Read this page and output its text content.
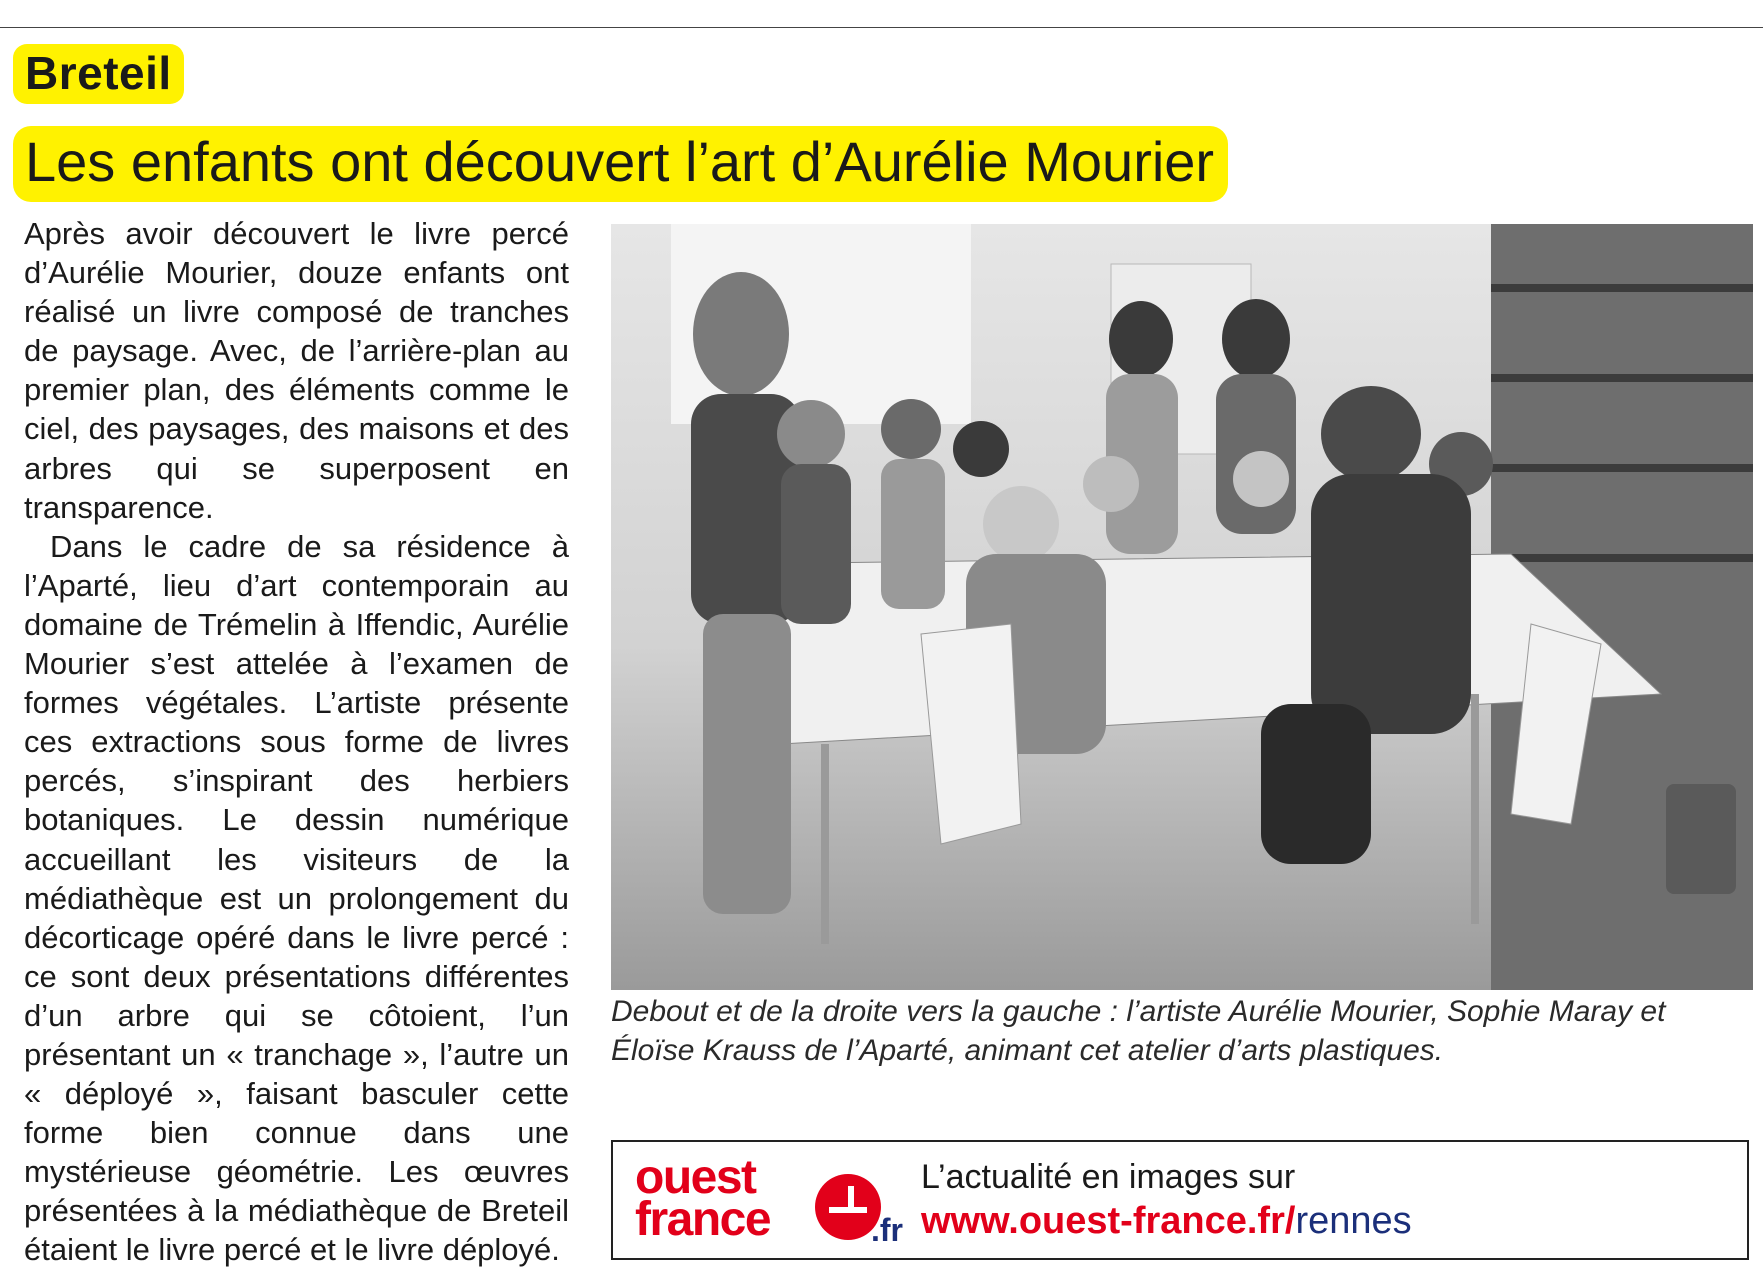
Breteil
Les enfants ont découvert l’art d’Aurélie Mourier

Après avoir découvert le livre percé d’Aurélie Mourier, douze enfants ont réalisé un livre composé de tranches de paysage. Avec, de l’arrière-plan au premier plan, des éléments comme le ciel, des paysages, des maisons et des arbres qui se superposent en transparence.

Dans le cadre de sa résidence à l’Aparté, lieu d’art contemporain au domaine de Trémelin à Iffendic, Aurélie Mourier s’est attelée à l’examen de formes végétales. L’artiste présente ces extractions sous forme de livres percés, s’inspirant des herbiers botaniques. Le dessin numérique accueillant les visiteurs de la médiathèque est un prolongement du décorticage opéré dans le livre percé : ce sont deux présentations différentes d’un arbre qui se côtoient, l’un présentant un « tranchage », l’autre un « déployé », faisant basculer cette forme bien connue dans une mystérieuse géométrie. Les œuvres présentées à la médiathèque de Breteil étaient le livre percé et le livre déployé.

Debout et de la droite vers la gauche : l’artiste Aurélie Mourier, Sophie Maray et Éloïse Krauss de l’Aparté, animant cet atelier d’arts plastiques.
ouest
france	.fr
L’actualité en images sur
www.ouest-france.fr/rennes
